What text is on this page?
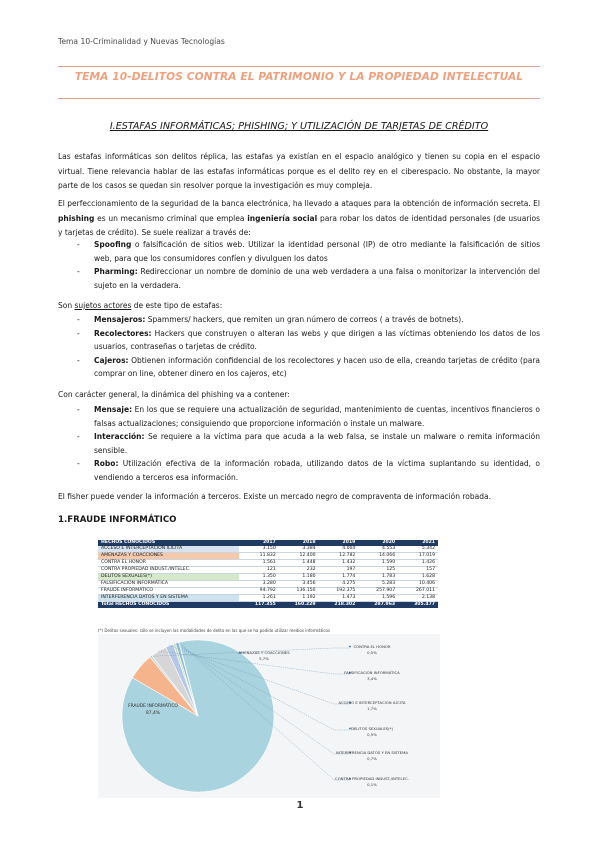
Tema 10-Criminalidad y Nuevas Tecnologías
TEMA 10-DELITOS CONTRA EL PATRIMONIO Y LA PROPIEDAD INTELECTUAL
I.ESTAFAS INFORMÁTICAS; PHISHING; Y UTILIZACIÓN DE TARJETAS DE CRÉDITO
Las estafas informáticas son delitos réplica, las estafas ya existían en el espacio analógico y tienen su copia en el espacio virtual. Tiene relevancia hablar de las estafas informáticas porque es el delito rey en el ciberespacio. No obstante, la mayor parte de los casos se quedan sin resolver porque la investigación es muy compleja.
El perfeccionamiento de la seguridad de la banca electrónica, ha llevado a ataques para la obtención de información secreta. El phishing es un mecanismo criminal que emplea ingeniería social para robar los datos de identidad personales (de usuarios y tarjetas de crédito). Se suele realizar a través de:
- Spoofing o falsificación de sitios web. Utilizar la identidad personal (IP) de otro mediante la falsificación de sitios web, para que los consumidores confíen y divulguen los datos
- Pharming: Redireccionar un nombre de dominio de una web verdadera a una falsa o monitorizar la intervención del sujeto en la verdadera.
Son sujetos actores de este tipo de estafas:
- Mensajeros: Spammers/ hackers, que remiten un gran número de correos ( a través de botnets).
- Recolectores: Hackers que construyen o alteran las webs y que dirigen a las víctimas obteniendo los datos de los usuarios, contraseñas o tarjetas de crédito.
- Cajeros: Obtienen información confidencial de los recolectores y hacen uso de ella, creando tarjetas de crédito (para comprar on line, obtener dinero en los cajeros, etc)
Con carácter general, la dinámica del phishing va a contener:
- Mensaje: En los que se requiere una actualización de seguridad, mantenimiento de cuentas, incentivos financieros o falsas actualizaciones; consiguiendo que proporcione información o instale un malware.
- Interacción: Se requiere a la víctima para que acuda a la web falsa, se instale un malware o remita información sensible.
- Robo: Utilización efectiva de la información robada, utilizando datos de la víctima suplantando su identidad, o vendiendo a terceros esa información.
El fisher puede vender la información a terceros. Existe un mercado negro de compraventa de información robada.
1.FRAUDE INFORMÁTICO
HECHOS CONOCIDOS	2017	2018	2019	2020	2021
ACCESO E INTERCEPTACIÓN ILÍCITA	3.150	3.384	4.004	4.553	5.342
AMENAZAS Y COACCIONES	11.832	12.400	12.782	14.066	17.019
CONTRA EL HONOR	1.561	1.448	1.432	1.590	1.426
CONTRA PROPIEDAD INDUST./INTELEC.	121	232	197	125	157
DELITOS SEXUALES(*)	1.350	1.180	1.774	1.783	1.628
FALSIFICACIÓN INFORMÁTICA	3.280	3.456	4.275	5.283	10.406
FRAUDE INFORMÁTICO	94.792	136.150	192.375	257.907	267.011
INTERFERENCIA DATOS Y EN SISTEMA	1.261	1.192	1.473	1.596	2.138
Total HECHOS CONOCIDOS	117.355	160.229	218.302	287.963	305.477
(*) Delitos sexuales: sólo se incluyen las modalidades de delito en las que se ha podido utilizar medios informáticos
FRAUDE INFORMÁTICO
87,4%
AMENAZAS Y COACCIONES
5,7%
CONTRA EL HONOR
0,5%
FALSIFICACIÓN INFORMÁTICA
3,4%
ACCESO E INTERCEPTACIÓN ILÍCITA
1,7%
DELITOS SEXUALES(*)
0,5%
INTERFERENCIA DATOS Y EN SISTEMA
0,7%
CONTRA PROPIEDAD INDUST./INTELEC.
0,1%
1
